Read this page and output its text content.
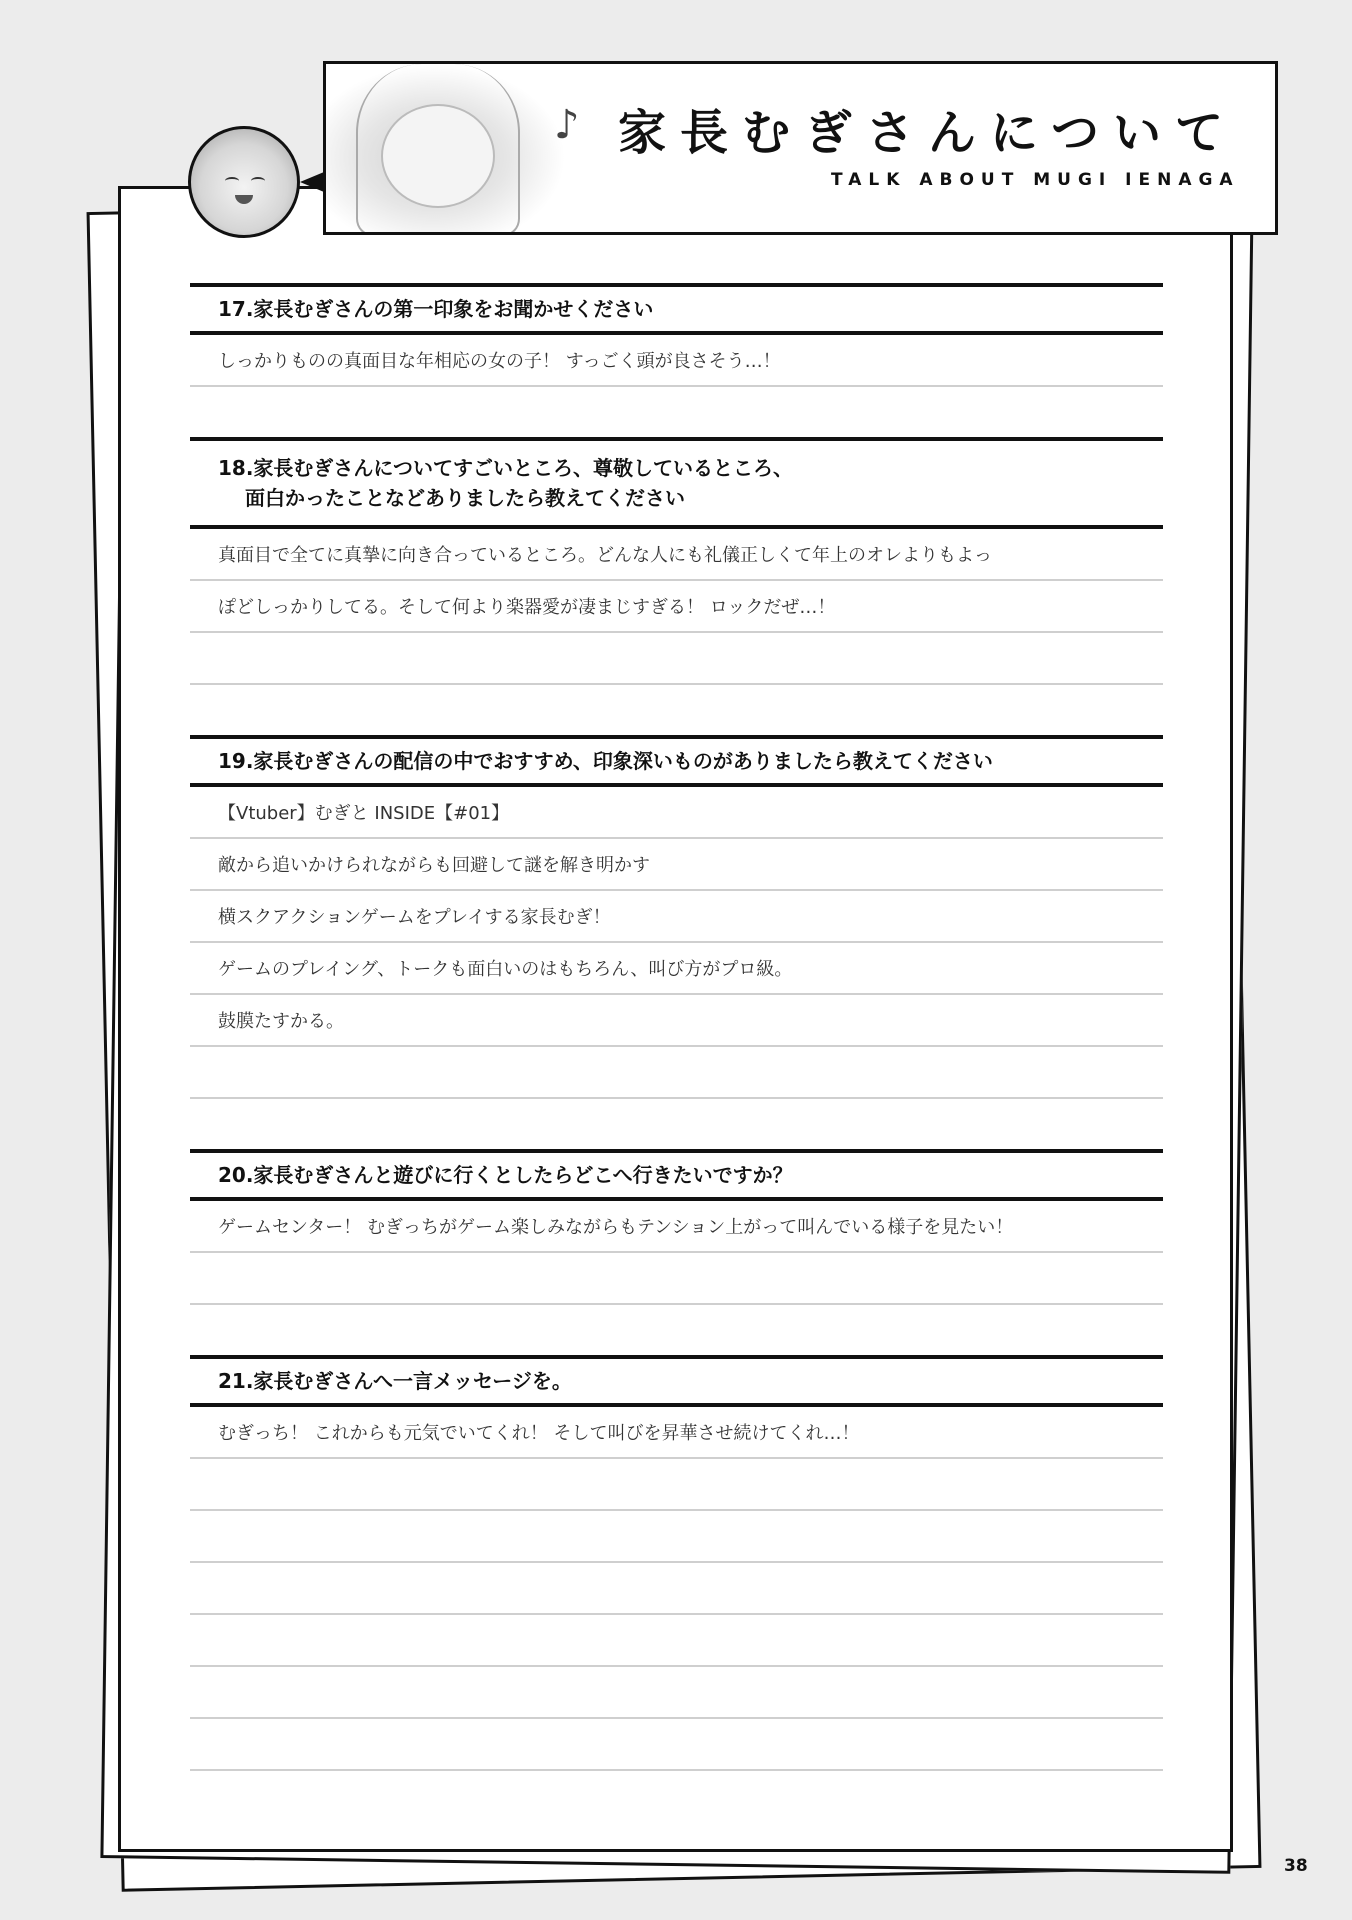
♪ 家長むぎさんについて
TALK ABOUT MUGI IENAGA
17.家長むぎさんの第一印象をお聞かせください
しっかりものの真面目な年相応の女の子！ すっごく頭が良さそう…！
18.家長むぎさんについてすごいところ、尊敬しているところ、
　 面白かったことなどありましたら教えてください
真面目で全てに真摯に向き合っているところ。どんな人にも礼儀正しくて年上のオレよりもよっ
ぽどしっかりしてる。そして何より楽器愛が凄まじすぎる！ ロックだぜ…！
19.家長むぎさんの配信の中でおすすめ、印象深いものがありましたら教えてください
【Vtuber】むぎと INSIDE【#01】
敵から追いかけられながらも回避して謎を解き明かす
横スクアクションゲームをプレイする家長むぎ！
ゲームのプレイング、トークも面白いのはもちろん、叫び方がプロ級。
鼓膜たすかる。
20.家長むぎさんと遊びに行くとしたらどこへ行きたいですか？
ゲームセンター！ むぎっちがゲーム楽しみながらもテンション上がって叫んでいる様子を見たい！
21.家長むぎさんへ一言メッセージを。
むぎっち！ これからも元気でいてくれ！ そして叫びを昇華させ続けてくれ…！
38
